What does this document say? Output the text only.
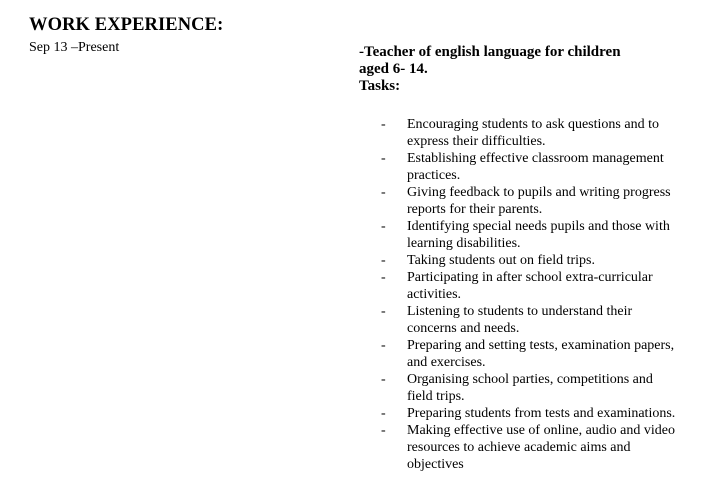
WORK EXPERIENCE:
Sep 13 –Present	-Teacher of english language for children
aged 6- 14.
Tasks:
- Encouraging students to ask questions and to express their difficulties.
- Establishing effective classroom management practices.
- Giving feedback to pupils and writing progress reports for their parents.
- Identifying special needs pupils and those with learning disabilities.
- Taking students out on field trips.
- Participating in after school extra-curricular activities.
- Listening to students to understand their concerns and needs.
- Preparing and setting tests, examination papers, and exercises.
- Organising school parties, competitions and field trips.
- Preparing students from tests and examinations.
- Making effective use of online, audio and video resources to achieve academic aims and objectives
